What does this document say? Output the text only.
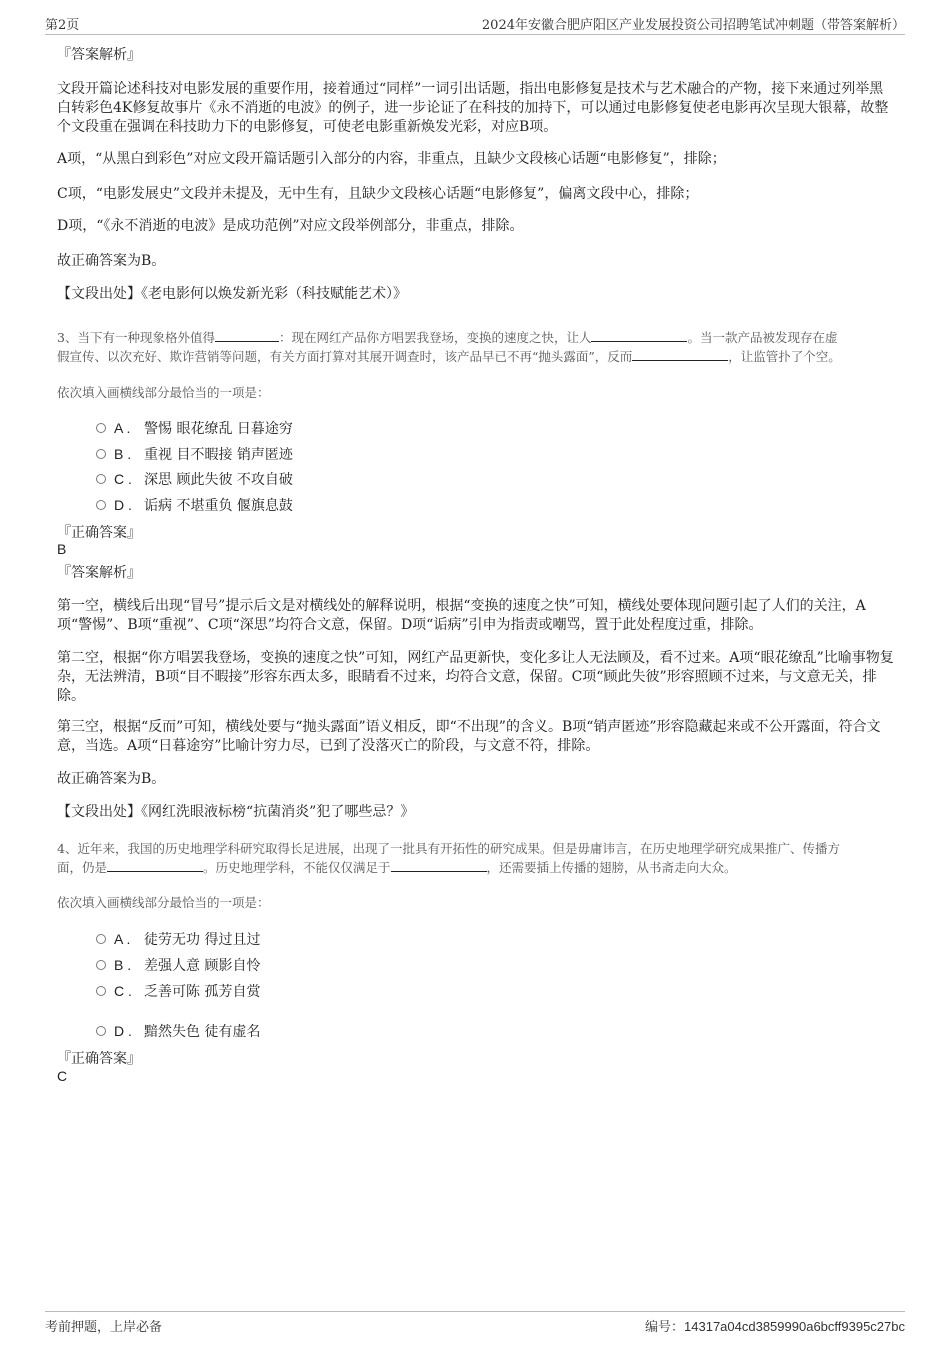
第2页	2024年安徽合肥庐阳区产业发展投资公司招聘笔试冲刺题（带答案解析）
『答案解析』
文段开篇论述科技对电影发展的重要作用，接着通过“同样”一词引出话题，指出电影修复是技术与艺术融合的产物，接下来通过列举黑白转彩色4K修复故事片《永不消逝的电波》的例子，进一步论证了在科技的加持下，可以通过电影修复使老电影再次呈现大银幕，故整个文段重在强调在科技助力下的电影修复，可使老电影重新焕发光彩，对应B项。
A项，“从黑白到彩色”对应文段开篇话题引入部分的内容，非重点，且缺少文段核心话题“电影修复”，排除；
C项，“电影发展史”文段并未提及，无中生有，且缺少文段核心话题“电影修复”，偏离文段中心，排除；
D项，“《永不消逝的电波》是成功范例”对应文段举例部分，非重点，排除。
故正确答案为B。
【文段出处】《老电影何以焕发新光彩（科技赋能艺术）》
3、当下有一种现象格外值得	：现在网红产品你方唱罢我登场，变换的速度之快，让人	。当一款产品被发现存在虚
假宣传、以次充好、欺诈营销等问题，有关方面打算对其展开调查时，该产品早已不再“抛头露面”，反而	，让监管扑了个空。
依次填入画横线部分最恰当的一项是：
A . 警惕 眼花缭乱 日暮途穷
B . 重视 目不暇接 销声匿迹
C . 深思 顾此失彼 不攻自破
D . 诟病 不堪重负 偃旗息鼓
『正确答案』
B
『答案解析』
第一空，横线后出现“冒号”提示后文是对横线处的解释说明，根据“变换的速度之快”可知，横线处要体现问题引起了人们的关注，A项“警惕”、B项“重视”、C项“深思”均符合文意，保留。D项“诟病”引申为指责或嘲骂，置于此处程度过重，排除。
第二空，根据“你方唱罢我登场，变换的速度之快”可知，网红产品更新快，变化多让人无法顾及，看不过来。A项“眼花缭乱”比喻事物复杂，无法辨清，B项“目不暇接”形容东西太多，眼睛看不过来，均符合文意，保留。C项“顾此失彼”形容照顾不过来，与文意无关，排除。
第三空，根据“反而”可知，横线处要与“抛头露面”语义相反，即“不出现”的含义。B项“销声匿迹”形容隐藏起来或不公开露面，符合文意，当选。A项“日暮途穷”比喻计穷力尽，已到了没落灭亡的阶段，与文意不符，排除。
故正确答案为B。
【文段出处】《网红洗眼液标榜“抗菌消炎”犯了哪些忌？》
4、近年来，我国的历史地理学科研究取得长足进展，出现了一批具有开拓性的研究成果。但是毋庸讳言，在历史地理学研究成果推广、传播方
面，仍是	。历史地理学科，不能仅仅满足于	，还需要插上传播的翅膀，从书斋走向大众。
依次填入画横线部分最恰当的一项是：
A . 徒劳无功 得过且过
B . 差强人意 顾影自怜
C . 乏善可陈 孤芳自赏
D . 黯然失色 徒有虚名
『正确答案』
C
考前押题，上岸必备	编号：14317a04cd3859990a6bcff9395c27bc
